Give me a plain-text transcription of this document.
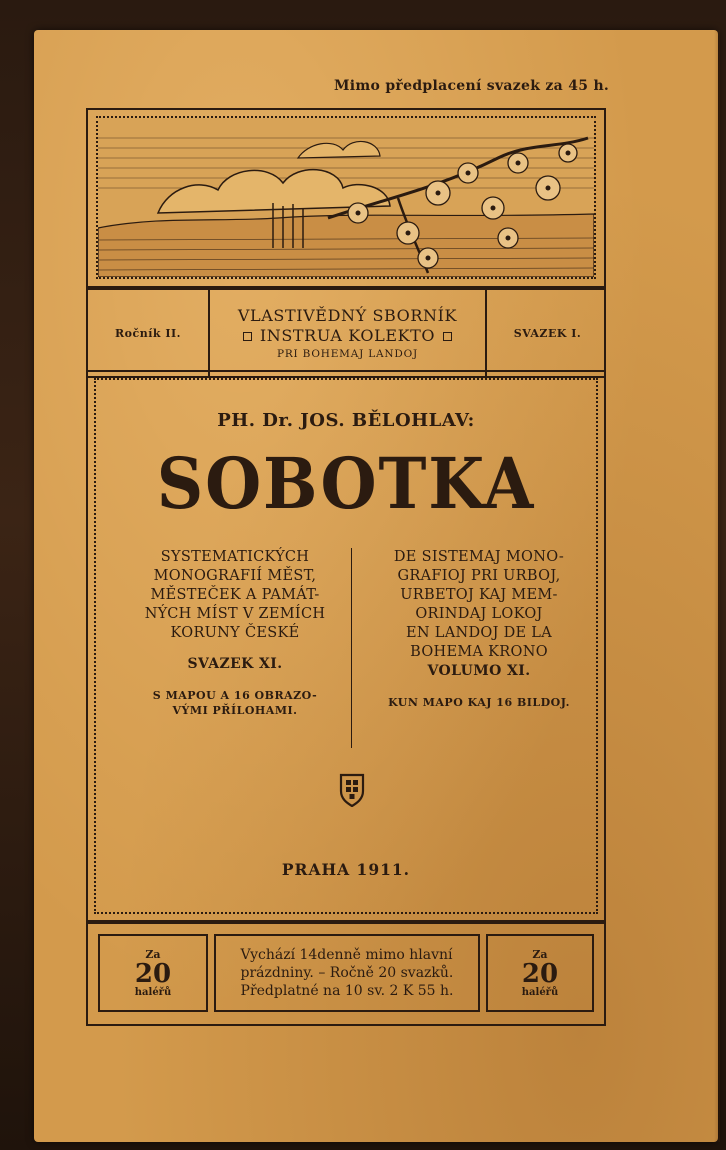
Mimo předplacení svazek za 45 h.
Ročník II.
VLASTIVĚDNÝ SBORNÍK
INSTRUA KOLEKTO
PRI BOHEMAJ LANDOJ
SVAZEK I.
PH. Dr. JOS. BĚLOHLAV:
SOBOTKA
SYSTEMATICKÝCH
MONOGRAFIÍ MĚST,
MĚSTEČEK A PAMÁT-
NÝCH MÍST V ZEMÍCH
KORUNY ČESKÉ
SVAZEK XI.
S MAPOU A 16 OBRAZO-
VÝMI PŘÍLOHAMI.
DE SISTEMAJ MONO-
GRAFIOJ PRI URBOJ,
URBETOJ KAJ MEM-
ORINDAJ LOKOJ
EN LANDOJ DE LA
BOHEMA KRONO
VOLUMO XI.
KUN MAPO KAJ 16 BILDOJ.
PRAHA 1911.
Za
20
haléřů
Vychází 14denně mimo hlavní
prázdniny. – Ročně 20 svazků.
Předplatné na 10 sv. 2 K 55 h.
Za
20
haléřů
